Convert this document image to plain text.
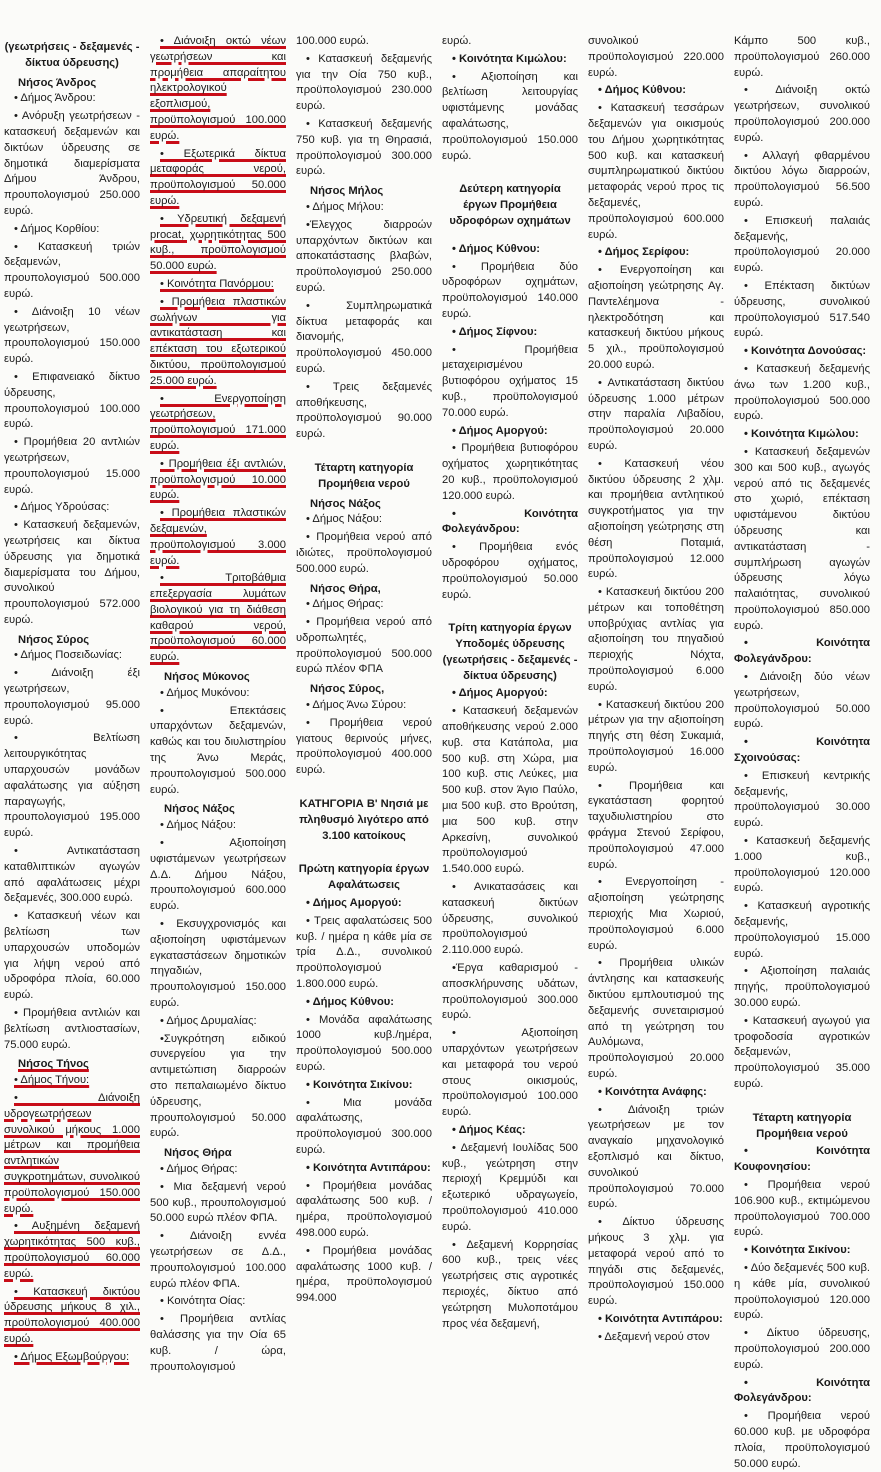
(γεωτρήσεις - δεξαμενές - δίκτυα ύδρευσης)

Νήσος Άνδρος

• Δήμος Άνδρου:

• Ανόρυξη γεωτρήσεων - κατασκευή δεξαμενών και δικτύων ύδρευσης σε δημοτικά διαμερίσματα Δήμου Άνδρου, προυπολογισμού 250.000 ευρώ.

• Δήμος Κορθίου:

• Κατασκευή τριών δεξαμενών, προυπολογισμού 500.000 ευρώ.

• Διάνοιξη 10 νέων γεωτρήσεων, προυπολογισμού 150.000 ευρώ.

• Επιφανειακό δίκτυο ύδρευσης, προυπολογισμού 100.000 ευρώ.

• Προμήθεια 20 αντλιών γεωτρήσεων, προυπολογισμού 15.000 ευρώ.

• Δήμος Υδρούσας:

• Κατασκευή δεξαμενών, γεωτρήσεις και δίκτυα ύδρευσης για δημοτικά διαμερίσματα του Δήμου, συνολικού προυπολογισμού 572.000 ευρώ.

Νήσος Σύρος

• Δήμος Ποσειδωνίας:

• Διάνοιξη έξι γεωτρήσεων, προυπολογισμού 95.000 ευρώ.

• Βελτίωση λειτουργικότητας υπαρχουσών μονάδων αφαλάτωσης για αύξηση παραγωγής, προυπολογισμού 195.000 ευρώ.

• Αντικατάσταση καταθλιπτικών αγωγών από αφαλάτωσεις μέχρι δεξαμενές, 300.000 ευρώ.

• Κατασκευή νέων και βελτίωση των υπαρχουσών υποδομών για λήψη νερού από υδροφόρα πλοία, 60.000 ευρώ.

• Προμήθεια αντλιών και βελτίωση αντλιοστασίων, 75.000 ευρώ.

Νήσος Τήνος

• Δήμος Τήνου:

• Διάνοιξη υδρογεωτρήσεων συνολικού μήκους 1.000 μέτρων και προμήθεια αντλητικών συγκροτημάτων, συνολικού προϋπολογισμού 150.000 ευρώ.

• Αυξημένη δεξαμενή χωρητικότητας 500 κυβ., προϋπολογισμού 60.000 ευρώ.

• Κατασκευή δικτύου ύδρευσης μήκους 8 χιλ., προϋπολογισμού 400.000 ευρώ.

• Δήμος Εξωμβούργου:

• Διάνοιξη οκτώ νέων γεωτρήσεων και προμήθεια απαραίτητου ηλεκτρολογικού εξοπλισμού, προϋπολογισμού 100.000 ευρώ.

• Εξωτερικά δίκτυα μεταφοράς νερού, προϋπολογισμού 50.000 ευρώ.

• Υδρευτική δεξαμενή procat, χωρητικότητας 500 κυβ., προϋπολογισμού 50.000 ευρώ.

• Κοινότητα Πανόρμου:

• Προμήθεια πλαστικών σωλήνων για αντικατάσταση και επέκταση του εξωτερικού δικτύου, προϋπολογισμού 25.000 ευρώ.

• Ενεργοποίηση γεωτρήσεων, προϋπολογισμού 171.000 ευρώ.

• Προμήθεια έξι αντλιών, προϋπολογισμού 10.000 ευρώ.

• Προμήθεια πλαστικών δεξαμενών, προϋπολογισμού 3.000 ευρώ.

• Τριτοβάθμια επεξεργασία λυμάτων βιολογικού για τη διάθεση καθαρού νερού, προϋπολογισμού 60.000 ευρώ.

Νήσος Μύκονος

• Δήμος Μυκόνου:

• Επεκτάσεις υπαρχόντων δεξαμενών, καθώς και του διυλιστηρίου της Άνω Μεράς, προυπολογισμού 500.000 ευρώ.

Νήσος Νάξος

• Δήμος Νάξου:

• Αξιοποίηση υφιστάμενων γεωτρήσεων Δ.Δ. Δήμου Νάξου, προυπολογισμού 600.000 ευρώ.

• Εκσυγχρονισμός και αξιοποίηση υφιστάμενων εγκαταστάσεων δημοτικών πηγαδιών, προυπολογισμού 150.000 ευρώ.

• Δήμος Δρυμαλίας:

•Συγκρότηση ειδικού συνεργείου για την αντιμετώπιση διαρροών στο πεπαλαιωμένο δίκτυο ύδρευσης, προυπολογισμού 50.000 ευρώ.

Νήσος Θήρα

• Δήμος Θήρας:

• Μια δεξαμενή νερού 500 κυβ., προυπολογισμού 50.000 ευρώ πλέον ΦΠΑ.

• Διάνοιξη εννέα γεωτρήσεων σε Δ.Δ., προυπολογισμού 100.000 ευρώ πλέον ΦΠΑ.

• Κοινότητα Οίας:

• Προμήθεια αντλίας θαλάσσης για την Οία 65 κυβ. / ώρα, προυπολογισμού

100.000 ευρώ.

• Κατασκευή δεξαμενής για την Οία 750 κυβ., προϋπολογισμού 230.000 ευρώ.

• Κατασκευή δεξαμενής 750 κυβ. για τη Θηρασιά, προϋπολογισμού 300.000 ευρώ.

Νήσος Μήλος

• Δήμος Μήλου:

•Έλεγχος διαρροών υπαρχόντων δικτύων και αποκατάστασης βλαβών, προϋπολογισμού 250.000 ευρώ.

• Συμπληρωματικά δίκτυα μεταφοράς και διανομής, προϋπολογισμού 450.000 ευρώ.

• Τρεις δεξαμενές αποθήκευσης, προϋπολογισμού 90.000 ευρώ.

Τέταρτη κατηγορία Προμήθεια νερού

Νήσος Νάξος

• Δήμος Νάξου:

• Προμήθεια νερού από ιδιώτες, προϋπολογισμού 500.000 ευρώ.

Νήσος Θήρα,

• Δήμος Θήρας:

• Προμήθεια νερού από υδροπωλητές, προϋπολογισμού 500.000 ευρώ πλέον ΦΠΑ

Νήσος Σύρος,

• Δήμος Άνω Σύρου:

• Προμήθεια νερού γιατους θερινούς μήνες, προϋπολογισμού 400.000 ευρώ.

ΚΑΤΗΓΟΡΙΑ Β' Νησιά με πληθυσμό λιγότερο από 3.100 κατοίκους
Πρώτη κατηγορία έργων Αφαλάτωσεις

• Δήμος Αμοργού:

• Τρεις αφαλατώσεις 500 κυβ. / ημέρα η κάθε μία σε τρία Δ.Δ., συνολικού προϋπολογισμού 1.800.000 ευρώ.

• Δήμος Κύθνου:

• Μονάδα αφαλάτωσης 1000 κυβ./ημέρα, προϋπολογισμού 500.000 ευρώ.

• Κοινότητα Σικίνου:

• Μια μονάδα αφαλάτωσης, προϋπολογισμού 300.000 ευρώ.

• Κοινότητα Αντιπάρου:

• Προμήθεια μονάδας αφαλάτωσης 500 κυβ. / ημέρα, προϋπολογισμού 498.000 ευρώ.

• Προμήθεια μονάδας αφαλάτωσης 1000 κυβ. / ημέρα, προϋπολογισμού 994.000

ευρώ.

• Κοινότητα Κιμώλου:

• Αξιοποίηση και βελτίωση λειτουργίας υφιστάμενης μονάδας αφαλάτωσης, προϋπολογισμού 150.000 ευρώ.

Δεύτερη κατηγορία έργων Προμήθεια υδροφόρων οχημάτων

• Δήμος Κύθνου:

• Προμήθεια δύο υδροφόρων οχημάτων, προϋπολογισμού 140.000 ευρώ.

• Δήμος Σίφνου:

• Προμήθεια μεταχειρισμένου βυτιοφόρου οχήματος 15 κυβ., προϋπολογισμού 70.000 ευρώ.

• Δήμος Αμοργού:

• Προμήθεια βυτιοφόρου οχήματος χωρητικότητας 20 κυβ., προϋπολογισμού 120.000 ευρώ.

• Κοινότητα Φολεγάνδρου:

• Προμήθεια ενός υδροφόρου οχήματος, προϋπολογισμού 50.000 ευρώ.

Τρίτη κατηγορία έργων Υποδομές ύδρευσης (γεωτρήσεις - δεξαμενές - δίκτυα ύδρευσης)

• Δήμος Αμοργού:

• Κατασκευή δεξαμενών αποθήκευσης νερού 2.000 κυβ. στα Κατάπολα, μια 500 κυβ. στη Χώρα, μια 100 κυβ. στις Λεύκες, μια 500 κυβ. στον Άγιο Παύλο, μια 500 κυβ. στο Βρούτση, μια 500 κυβ. στην Αρκεσίνη, συνολικού προϋπολογισμού 1.540.000 ευρώ.

• Ανικατασάσεις και κατασκευή δικτύων ύδρευσης, συνολικού προϋπολογισμού 2.110.000 ευρώ.

•Έργα καθαρισμού - αποσκλήρυνσης υδάτων, προϋπολογισμού 300.000 ευρώ.

• Αξιοποίηση υπαρχόντων γεωτρήσεων και μεταφορά του νερού στους οικισμούς, προϋπολογισμού 100.000 ευρώ.

• Δήμος Κέας:

• Δεξαμενή Ιουλίδας 500 κυβ., γεώτρηση στην περιοχή Κρεμμύδι και εξωτερικό υδραγωγείο, προϋπολογισμού 410.000 ευρώ.

• Δεξαμενή Κορρησίας 600 κυβ., τρεις νέες γεωτρήσεις στις αγροτικές περιοχές, δίκτυο από γεώτρηση Μυλοποτάμου προς νέα δεξαμενή,

συνολικού προϋπολογισμού 220.000 ευρώ.

• Δήμος Κύθνου:

• Κατασκευή τεσσάρων δεξαμενών για οικισμούς του Δήμου χωρητικότητας 500 κυβ. και κατασκευή συμπληρωματικού δικτύου μεταφοράς νερού προς τις δεξαμενές, προϋπολογισμού 600.000 ευρώ.

• Δήμος Σερίφου:

• Ενεργοποίηση και αξιοποίηση γεώτρησης Αγ. Παντελέημονα - ηλεκτροδότηση και κατασκευή δικτύου μήκους 5 χιλ., προϋπολογισμού 20.000 ευρώ.

• Αντικατάσταση δικτύου ύδρευσης 1.000 μέτρων στην παραλία Λιβαδίου, προϋπολογισμού 20.000 ευρώ.

• Κατασκευή νέου δικτύου ύδρευσης 2 χλμ. και προμήθεια αντλητικού συγκροτήματος για την αξιοποίηση γεώτρησης στη θέση Ποταμιά, προϋπολογισμού 12.000 ευρώ.

• Κατασκευή δικτύου 200 μέτρων και τοποθέτηση υποβρύχιας αντλίας για αξιοποίηση του πηγαδιού περιοχής Νόχτα, προϋπολογισμού 6.000 ευρώ.

• Κατασκευή δικτύου 200 μέτρων για την αξιοποίηση πηγής στη θέση Συκαμιά, προϋπολογισμού 16.000 ευρώ.

• Προμήθεια και εγκατάσταση φορητού ταχυδιυλιστηρίου στο φράγμα Στενού Σερίφου, προϋπολογισμού 47.000 ευρώ.

• Ενεργοποίηση - αξιοποίηση γεώτρησης περιοχής Μια Χωριού, προϋπολογισμού 6.000 ευρώ.

• Προμήθεια υλικών άντλησης και κατασκευής δικτύου εμπλουτισμού της δεξαμενής συνεταιρισμού από τη γεώτρηση του Αυλόμωνα, προϋπολογισμού 20.000 ευρώ.

• Κοινότητα Ανάφης:

• Διάνοιξη τριών γεωτρήσεων με τον αναγκαίο μηχανολογικό εξοπλισμό και δίκτυο, συνολικού προϋπολογισμού 70.000 ευρώ.

• Δίκτυο ύδρευσης μήκους 3 χλμ. για μεταφορά νερού από το πηγάδι στις δεξαμενές, προϋπολογισμού 150.000 ευρώ.

• Κοινότητα Αντιπάρου:

• Δεξαμενή νερού στον

Κάμπο 500 κυβ., προϋπολογισμού 260.000 ευρώ.

• Διάνοιξη οκτώ γεωτρήσεων, συνολικού προϋπολογισμού 200.000 ευρώ.

• Αλλαγή φθαρμένου δικτύου λόγω διαρροών, προϋπολογισμού 56.500 ευρώ.

• Επισκευή παλαιάς δεξαμενής, προϋπολογισμού 20.000 ευρώ.

• Επέκταση δικτύων ύδρευσης, συνολικού προϋπολογισμού 517.540 ευρώ.

• Κοινότητα Δονούσας:

• Κατασκευή δεξαμενής άνω των 1.200 κυβ., προϋπολογισμού 500.000 ευρώ.

• Κοινότητα Κιμώλου:

• Κατασκευή δεξαμενών 300 και 500 κυβ., αγωγός νερού από τις δεξαμενές στο χωριό, επέκταση υφιστάμενου δικτύου ύδρευσης και αντικατάσταση - συμπλήρωση αγωγών ύδρευσης λόγω παλαιότητας, συνολικού προϋπολογισμού 850.000 ευρώ.

• Κοινότητα Φολεγάνδρου:

• Διάνοιξη δύο νέων γεωτρήσεων, προϋπολογισμού 50.000 ευρώ.

• Κοινότητα Σχοινούσας:

• Επισκευή κεντρικής δεξαμενής, προϋπολογισμού 30.000 ευρώ.

• Κατασκευή δεξαμενής 1.000 κυβ., προϋπολογισμού 120.000 ευρώ.

• Κατασκευή αγροτικής δεξαμενής, προϋπολογισμού 15.000 ευρώ.

• Αξιοποίηση παλαιάς πηγής, προϋπολογισμού 30.000 ευρώ.

• Κατασκευή αγωγού για τροφοδοσία αγροτικών δεξαμενών, προϋπολογισμού 35.000 ευρώ.

Τέταρτη κατηγορία Προμήθεια νερού

• Κοινότητα Κουφονησίου:

• Προμήθεια νερού 106.900 κυβ., εκτιμώμενου προϋπολογισμού 700.000 ευρώ.

• Κοινότητα Σικίνου:

• Δύο δεξαμενές 500 κυβ. η κάθε μία, συνολικού προϋπολογισμού 120.000 ευρώ.

• Δίκτυο ύδρευσης, προϋπολογισμού 200.000 ευρώ.

• Κοινότητα Φολεγάνδρου:

• Προμήθεια νερού 60.000 κυβ. με υδροφόρα πλοία, προϋπολογισμού 50.000 ευρώ.
